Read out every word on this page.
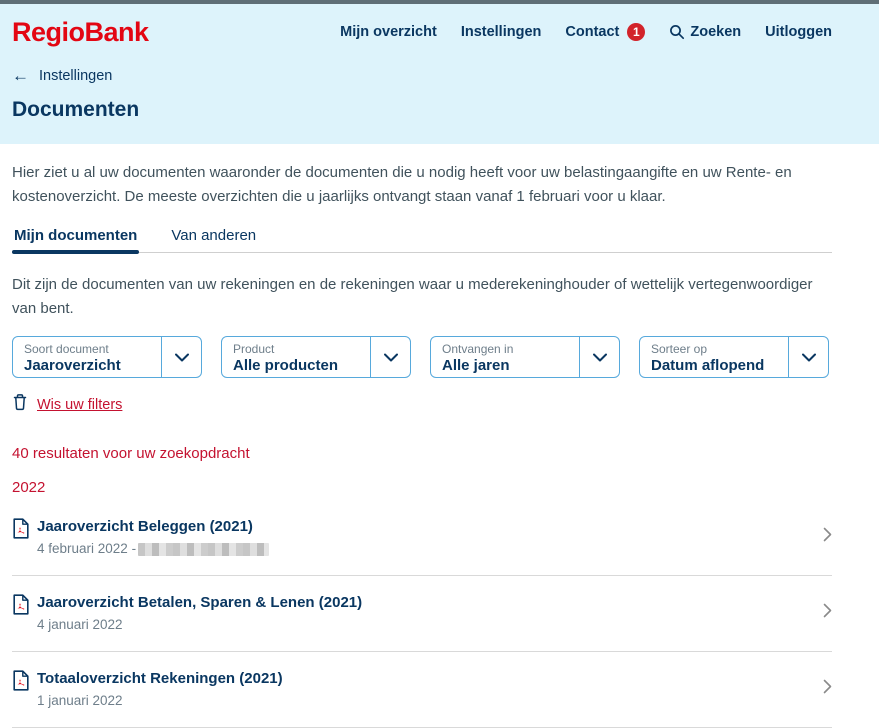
RegioBank	Mijn overzicht Instellingen Contact	1	Zoeken Uitloggen
← Instellingen
Documenten

Hier ziet u al uw documenten waaronder de documenten die u nodig heeft voor uw belastingaangifte en uw Rente- en kostenoverzicht. De meeste overzichten die u jaarlijks ontvangt staan vanaf 1 februari voor u klaar.

Mijn documenten Van anderen

Dit zijn de documenten van uw rekeningen en de rekeningen waar u mederekeninghouder of wettelijk vertegenwoordiger van bent.

Soort document
Jaaroverzicht
Product
Alle producten
Ontvangen in
Alle jaren
Sorteer op
Datum aflopend
Wis uw filters
40 resultaten voor uw zoekopdracht
2022
Jaaroverzicht Beleggen (2021)
4 februari 2022 -
Jaaroverzicht Betalen, Sparen & Lenen (2021)
4 januari 2022
Totaaloverzicht Rekeningen (2021)
1 januari 2022
